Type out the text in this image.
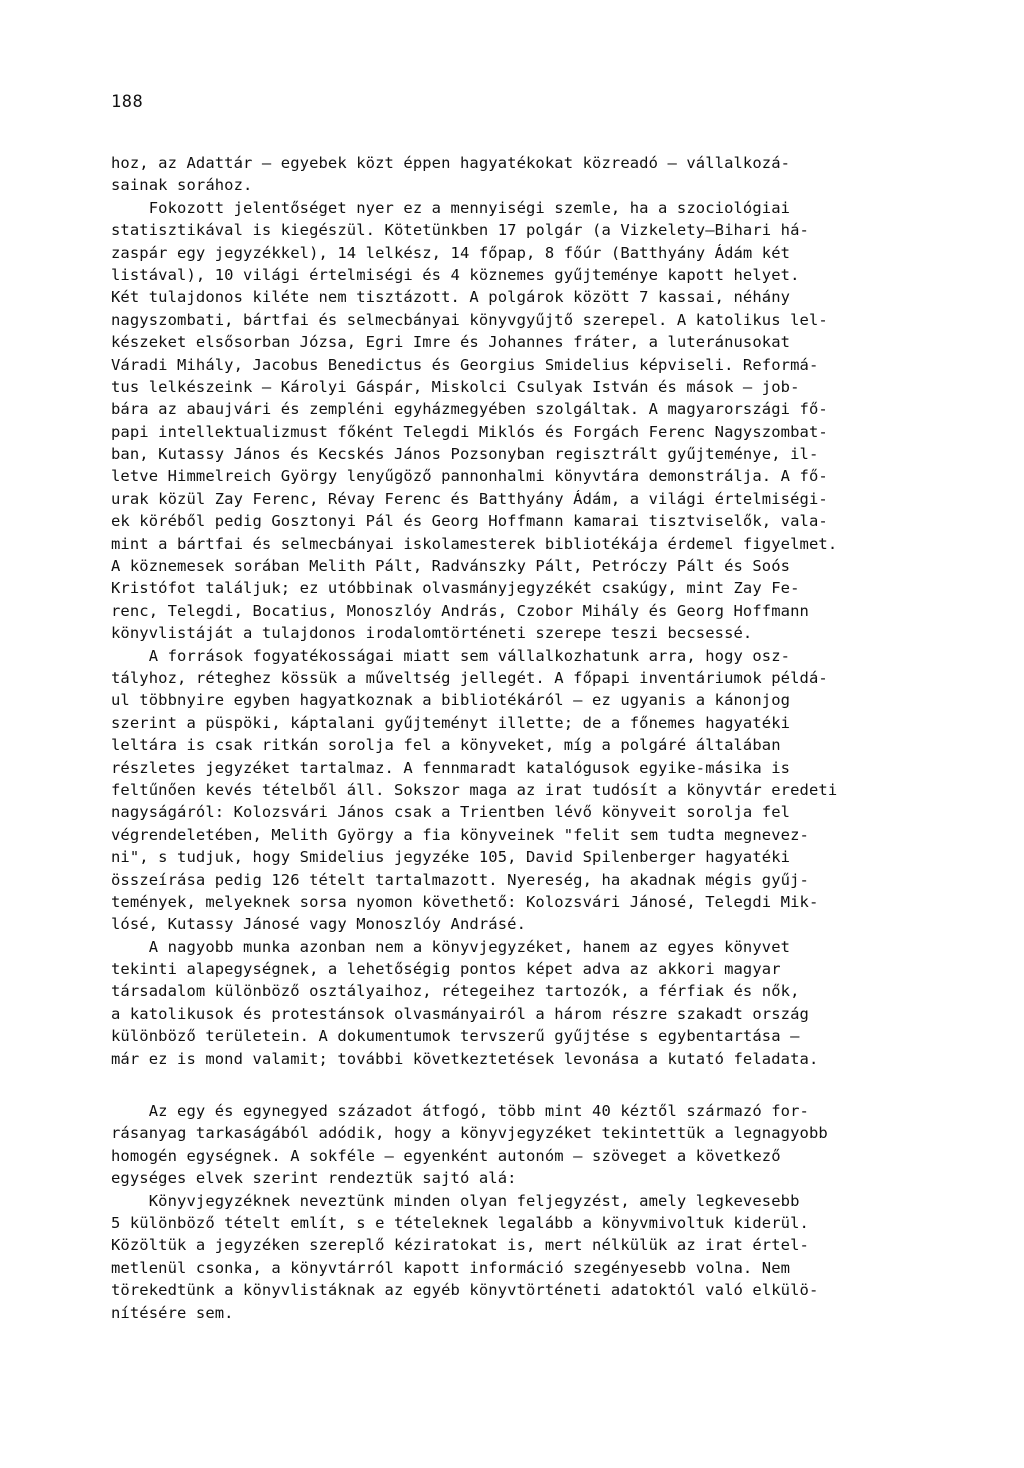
188
hoz, az Adattár — egyebek közt éppen hagyatékokat közreadó — vállalkozá-
sainak sorához.
Fokozott jelentőséget nyer ez a mennyiségi szemle, ha a szociológiai
statisztikával is kiegészül. Kötetünkben 17 polgár (a Vizkelety—Bihari há-
zaspár egy jegyzékkel), 14 lelkész, 14 főpap, 8 főúr (Batthyány Ádám két
listával), 10 világi értelmiségi és 4 köznemes gyűjteménye kapott helyet.
Két tulajdonos kiléte nem tisztázott. A polgárok között 7 kassai, néhány
nagyszombati, bártfai és selmecbányai könyvgyűjtő szerepel. A katolikus lel-
készeket elsősorban Józsa, Egri Imre és Johannes fráter, a luteránusokat
Váradi Mihály, Jacobus Benedictus és Georgius Smidelius képviseli. Reformá-
tus lelkészeink — Károlyi Gáspár, Miskolci Csulyak István és mások — job-
bára az abaujvári és zempléni egyházmegyében szolgáltak. A magyarországi fő-
papi intellektualizmust főként Telegdi Miklós és Forgách Ferenc Nagyszombat-
ban, Kutassy János és Kecskés János Pozsonyban regisztrált gyűjteménye, il-
letve Himmelreich György lenyűgöző pannonhalmi könyvtára demonstrálja. A fő-
urak közül Zay Ferenc, Révay Ferenc és Batthyány Ádám, a világi értelmiségi-
ek köréből pedig Gosztonyi Pál és Georg Hoffmann kamarai tisztviselők, vala-
mint a bártfai és selmecbányai iskolamesterek bibliotékája érdemel figyelmet.
A köznemesek sorában Melith Pált, Radvánszky Pált, Petróczy Pált és Soós
Kristófot találjuk; ez utóbbinak olvasmányjegyzékét csakúgy, mint Zay Fe-
renc, Telegdi, Bocatius, Monoszlóy András, Czobor Mihály és Georg Hoffmann
könyvlistáját a tulajdonos irodalomtörténeti szerepe teszi becsessé.
A források fogyatékosságai miatt sem vállalkozhatunk arra, hogy osz-
tályhoz, réteghez kössük a műveltség jellegét. A főpapi inventáriumok példá-
ul többnyire egyben hagyatkoznak a bibliotékáról — ez ugyanis a kánonjog
szerint a püspöki, káptalani gyűjteményt illette; de a főnemes hagyatéki
leltára is csak ritkán sorolja fel a könyveket, míg a polgáré általában
részletes jegyzéket tartalmaz. A fennmaradt katalógusok egyike-másika is
feltűnően kevés tételből áll. Sokszor maga az irat tudósít a könyvtár eredeti
nagyságáról: Kolozsvári János csak a Trientben lévő könyveit sorolja fel
végrendeletében, Melith György a fia könyveinek "felit sem tudta megnevez-
ni", s tudjuk, hogy Smidelius jegyzéke 105, David Spilenberger hagyatéki
összeírása pedig 126 tételt tartalmazott. Nyereség, ha akadnak mégis gyűj-
temények, melyeknek sorsa nyomon követhető: Kolozsvári Jánosé, Telegdi Mik-
lósé, Kutassy Jánosé vagy Monoszlóy Andrásé.
A nagyobb munka azonban nem a könyvjegyzéket, hanem az egyes könyvet
tekinti alapegységnek, a lehetőségig pontos képet adva az akkori magyar
társadalom különböző osztályaihoz, rétegeihez tartozók, a férfiak és nők,
a katolikusok és protestánsok olvasmányairól a három részre szakadt ország
különböző területein. A dokumentumok tervszerű gyűjtése s egybentartása —
már ez is mond valamit; további következtetések levonása a kutató feladata.
Az egy és egynegyed századot átfogó, több mint 40 kéztől származó for-
rásanyag tarkaságából adódik, hogy a könyvjegyzéket tekintettük a legnagyobb
homogén egységnek. A sokféle — egyenként autonóm — szöveget a következő
egységes elvek szerint rendeztük sajtó alá:
Könyvjegyzéknek neveztünk minden olyan feljegyzést, amely legkevesebb
5 különböző tételt említ, s e tételeknek legalább a könyvmivoltuk kiderül.
Közöltük a jegyzéken szereplő kéziratokat is, mert nélkülük az irat értel-
metlenül csonka, a könyvtárról kapott információ szegényesebb volna. Nem
törekedtünk a könyvlistáknak az egyéb könyvtörténeti adatoktól való elkülö-
nítésére sem.
